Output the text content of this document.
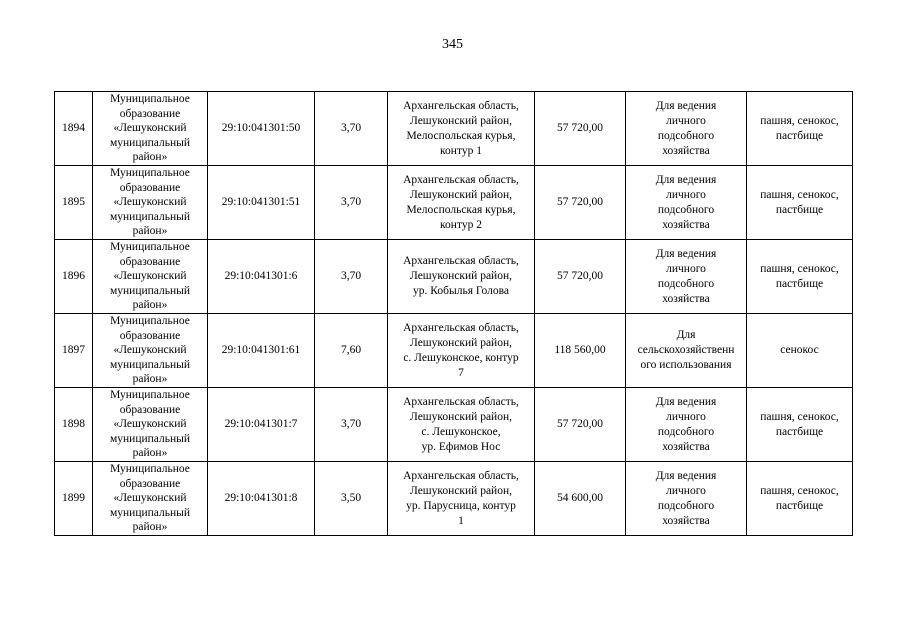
345
1894	Муниципальное
образование
«Лешуконский
муниципальный
район»	29:10:041301:50	3,70	Архангельская область,
Лешуконский район,
Мелоспольская курья,
контур 1	57 720,00	Для ведения
личного
подсобного
хозяйства	пашня, сенокос,
пастбище
1895	Муниципальное
образование
«Лешуконский
муниципальный
район»	29:10:041301:51	3,70	Архангельская область,
Лешуконский район,
Мелоспольская курья,
контур 2	57 720,00	Для ведения
личного
подсобного
хозяйства	пашня, сенокос,
пастбище
1896	Муниципальное
образование
«Лешуконский
муниципальный
район»	29:10:041301:6	3,70	Архангельская область,
Лешуконский район,
ур. Кобылья Голова	57 720,00	Для ведения
личного
подсобного
хозяйства	пашня, сенокос,
пастбище
1897	Муниципальное
образование
«Лешуконский
муниципальный
район»	29:10:041301:61	7,60	Архангельская область,
Лешуконский район,
с. Лешуконское, контур
7	118 560,00	Для
сельскохозяйственн
ого использования	сенокос
1898	Муниципальное
образование
«Лешуконский
муниципальный
район»	29:10:041301:7	3,70	Архангельская область,
Лешуконский район,
с. Лешуконское,
ур. Ефимов Нос	57 720,00	Для ведения
личного
подсобного
хозяйства	пашня, сенокос,
пастбище
1899	Муниципальное
образование
«Лешуконский
муниципальный
район»	29:10:041301:8	3,50	Архангельская область,
Лешуконский район,
ур. Парусница, контур
1	54 600,00	Для ведения
личного
подсобного
хозяйства	пашня, сенокос,
пастбище
